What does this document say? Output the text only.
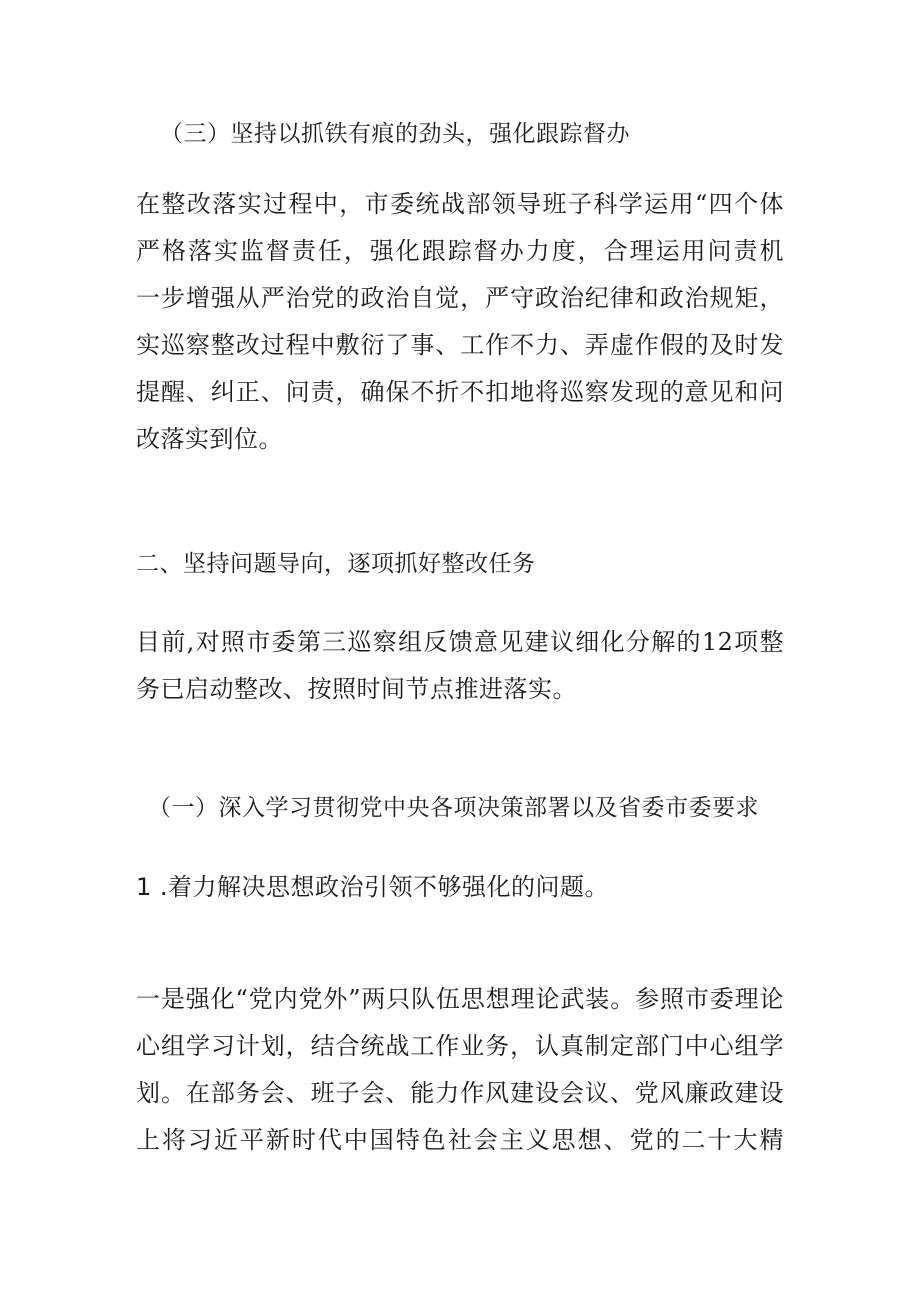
（三）坚持以抓铁有痕的劲头，强化跟踪督办
在整改落实过程中，市委统战部领导班子科学运用“四个体
严格落实监督责任，强化跟踪督办力度，合理运用问责机
一步增强从严治党的政治自觉，严守政治纪律和政治规矩，
实巡察整改过程中敷衍了事、工作不力、弄虚作假的及时发
提醒、纠正、问责，确保不折不扣地将巡察发现的意见和问
改落实到位。
二、坚持问题导向，逐项抓好整改任务
目前,对照市委第三巡察组反馈意见建议细化分解的12项整
务已启动整改、按照时间节点推进落实。
（一）深入学习贯彻党中央各项决策部署以及省委市委要求
1 .着力解决思想政治引领不够强化的问题。
一是强化“党内党外”两只队伍思想理论武装。参照市委理论
心组学习计划，结合统战工作业务，认真制定部门中心组学
划。在部务会、班子会、能力作风建设会议、党风廉政建设
上将习近平新时代中国特色社会主义思想、党的二十大精
